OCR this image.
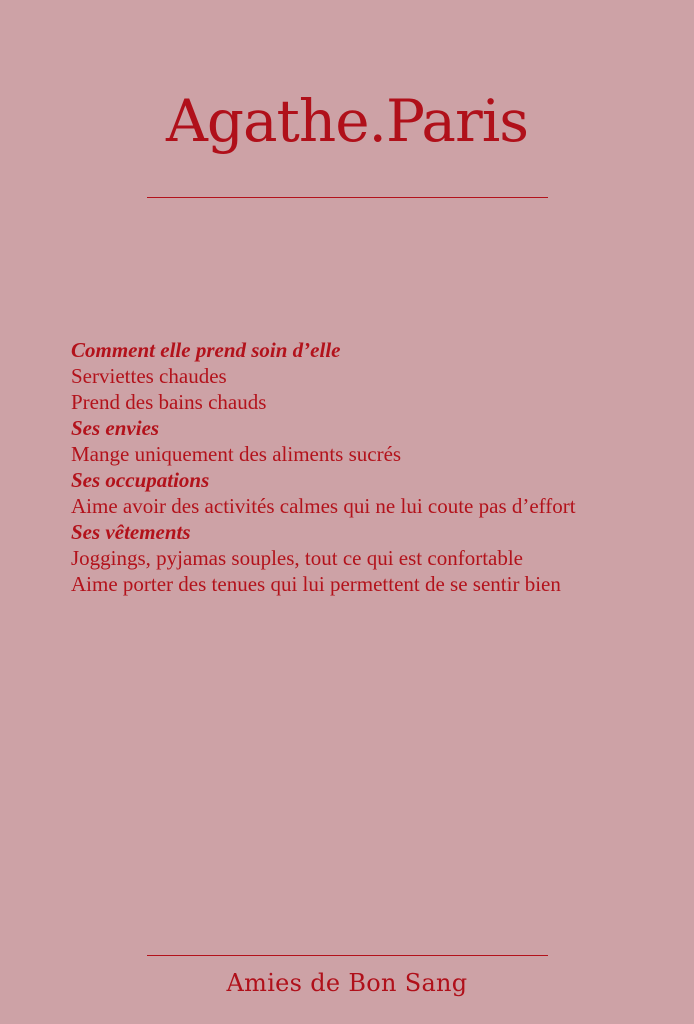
Agathe.Paris
Comment elle prend soin d’elle
Serviettes chaudes
Prend des bains chauds
Ses envies
Mange uniquement des aliments sucrés
Ses occupations
Aime avoir des activités calmes qui ne lui coute pas d’effort
Ses vêtements
Joggings, pyjamas souples, tout ce qui est confortable
Aime porter des tenues qui lui permettent de se sentir bien
Amies de Bon Sang
